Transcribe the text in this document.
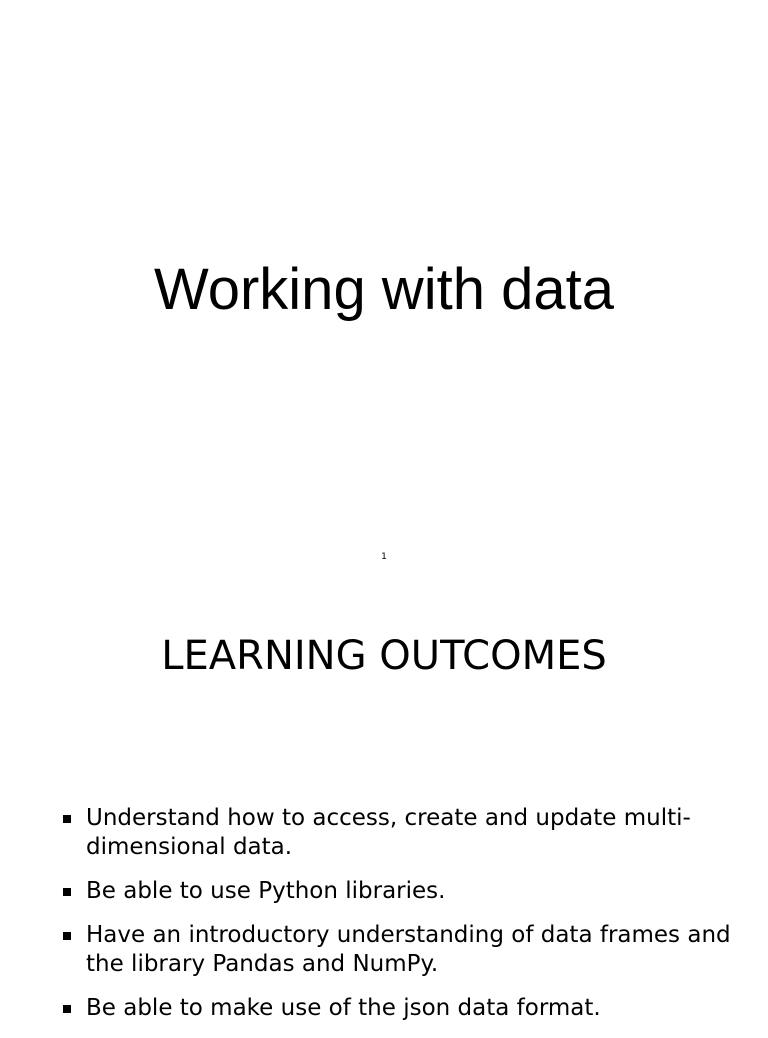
Working with data
1
LEARNING OUTCOMES
Understand how to access, create and update multi-dimensional data.
Be able to use Python libraries.
Have an introductory understanding of data frames and the library Pandas and NumPy.
Be able to make use of the json data format.
